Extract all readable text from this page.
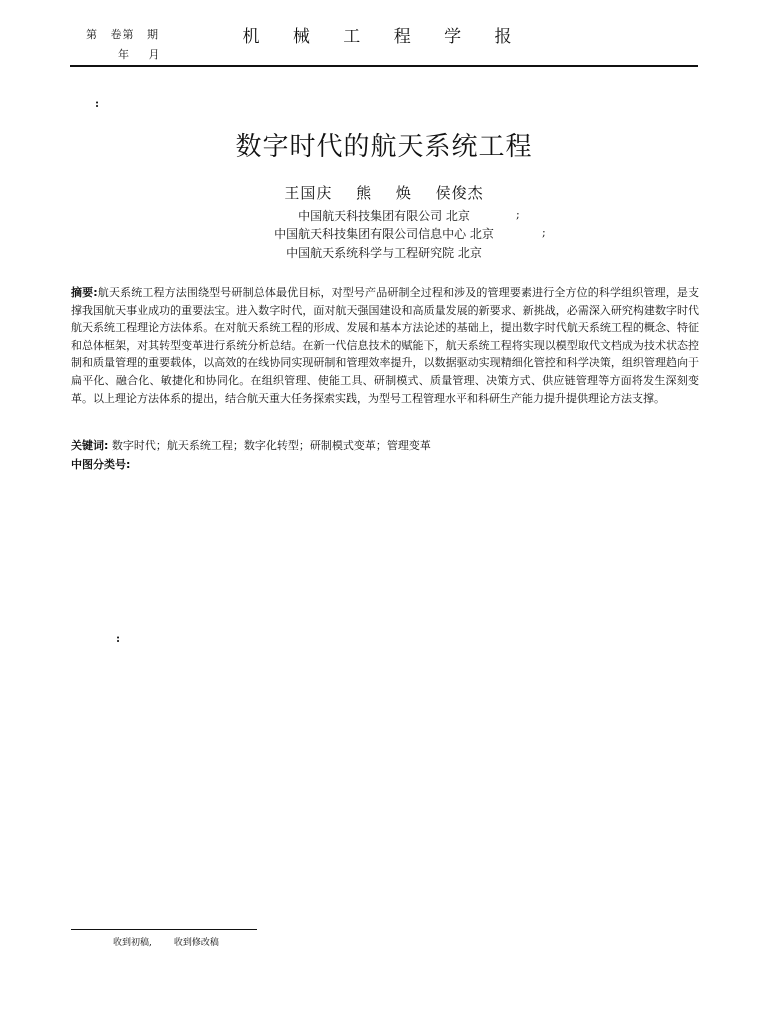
第 卷第 期
年 月
机 械 工 程 学 报
:
数字时代的航天系统工程
王国庆 熊 焕 侯俊杰
中国航天科技集团有限公司 北京	;
中国航天科技集团有限公司信息中心 北京	;
中国航天系统科学与工程研究院 北京
摘要:航天系统工程方法围绕型号研制总体最优目标，对型号产品研制全过程和涉及的管理要素进行全方位的科学组织管理，是支撑我国航天事业成功的重要法宝。进入数字时代，面对航天强国建设和高质量发展的新要求、新挑战，必需深入研究构建数字时代航天系统工程理论方法体系。在对航天系统工程的形成、发展和基本方法论述的基础上，提出数字时代航天系统工程的概念、特征和总体框架，对其转型变革进行系统分析总结。在新一代信息技术的赋能下，航天系统工程将实现以模型取代文档成为技术状态控制和质量管理的重要载体，以高效的在线协同实现研制和管理效率提升，以数据驱动实现精细化管控和科学决策，组织管理趋向于扁平化、融合化、敏捷化和协同化。在组织管理、使能工具、研制模式、质量管理、决策方式、供应链管理等方面将发生深刻变革。以上理论方法体系的提出，结合航天重大任务探索实践，为型号工程管理水平和科研生产能力提升提供理论方法支撑。
关键词: 数字时代；航天系统工程；数字化转型；研制模式变革；管理变革
中图分类号:
:
收到初稿, 收到修改稿
